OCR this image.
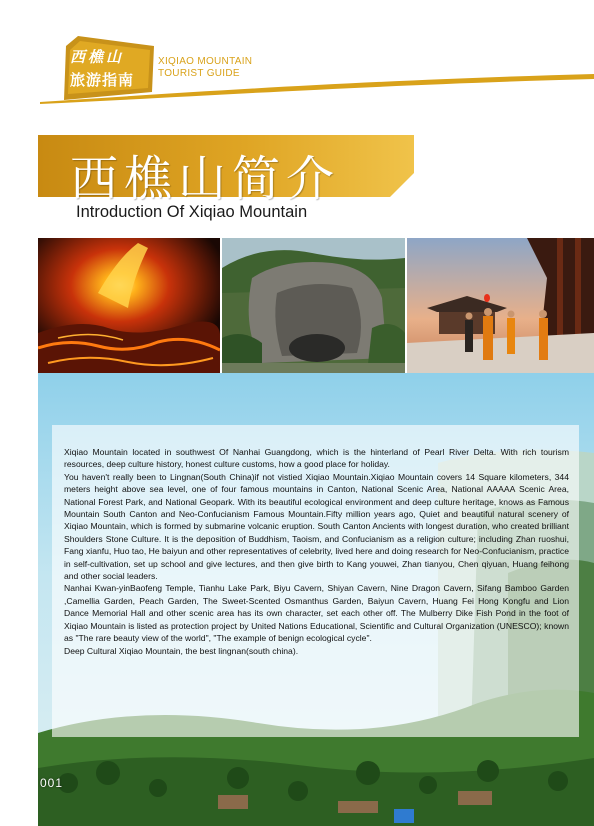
西樵山
旅游指南
XIQIAO MOUNTAIN
TOURIST GUIDE
西樵山简介
Introduction Of Xiqiao Mountain

Xiqiao Mountain located in southwest Of Nanhai Guangdong, which is the hinterland of Pearl River Delta. With rich tourism resources, deep culture history, honest culture customs, how a good place for holiday.

You haven't really been to Lingnan(South China)if not vistied Xiqiao Mountain.Xiqiao Mountain covers 14 Square kilometers, 344 meters height above sea level, one of four famous mountains in Canton, National Scenic Area, National AAAAA Scenic Area, National Forest Park, and National Geopark. With its beautiful ecological environment and deep culture heritage, knows as Famous Mountain South Canton and Neo-Confucianism Famous Mountain.Fifty million years ago, Quiet and beautiful natural scenery of Xiqiao Mountain, which is formed by submarine volcanic eruption. South Canton Ancients with longest duration, who created brilliant Shoulders Stone Culture. It is the deposition of Buddhism, Taoism, and Confucianism as a religion culture; including Zhan ruoshui, Fang xianfu, Huo tao, He baiyun and other representatives of celebrity, lived here and doing research for Neo-Confucianism, practice in self-cultivation, set up school and give lectures, and then give birth to Kang youwei, Zhan tianyou, Chen qiyuan, Huang feihong and other social leaders.

Nanhai Kwan-yinBaofeng Temple, Tianhu Lake Park, Biyu Cavern, Shiyan Cavern, Nine Dragon Cavern, Sifang Bamboo Garden ,Camellia Garden, Peach Garden, The Sweet-Scented Osmanthus Garden, Baiyun Cavern, Huang Fei Hong Kongfu and Lion Dance Memorial Hall and other scenic area has its own character, set each other off. The Mulberry Dike Fish Pond in the foot of Xiqiao Mountain is listed as protection project by United Nations Educational, Scientific and Cultural Organization (UNESCO); known as "The rare beauty view of the world", "The example of benign ecological cycle".

Deep Cultural Xiqiao Mountain, the best lingnan(south china).

001
